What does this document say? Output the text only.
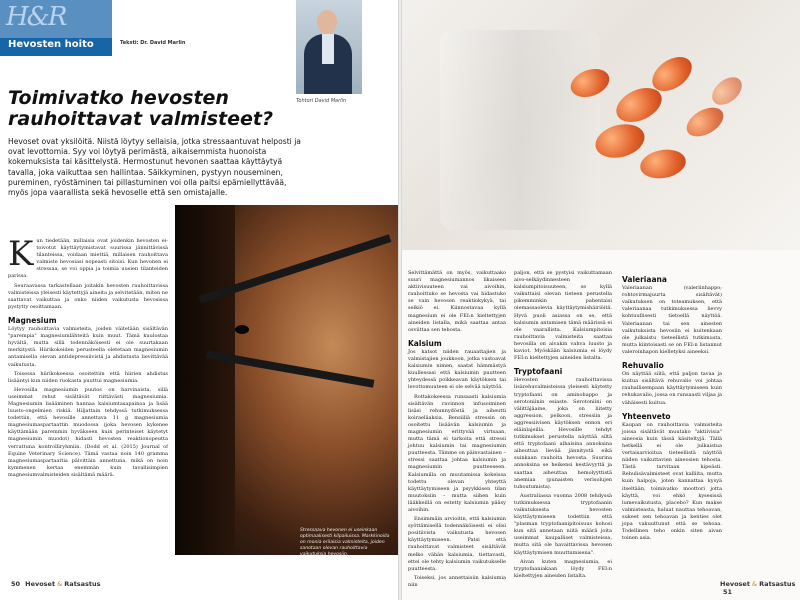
H&R
Hevosten hoito	Teksti: Dr. David Marlin
Tohtori David Marlin
Toimivatko hevosten rauhoittavat valmisteet?
Hevoset ovat yksilöitä. Niistä löytyy sellaisia, jotka stressaantuvat helposti ja ovat levottomia. Syy voi löytyä perimästä, aikaisemmista huonoista kokemuksista tai käsittelystä. Hermostunut hevonen saattaa käyttäytyä tavalla, joka vaikuttaa sen hallintaa. Säikkyminen, pystyyn nouseminen, pureminen, ryöstäminen tai pillastuminen voi olla paitsi epämiellyttävää, myös jopa vaarallista sekä hevoselle että sen omistajalle.
Stressaava hevonen ei useinkaan optimaalisesti kilpailuissa. Markkinoilla on monia erilaisia valmisteita, joiden sanotaan olevan rauhoittavia vaikutuksia hevosiin.
K un tiedetään, millaisia ovat joidenkin hevosten ei-toivotut käyttäytymistavat suurissa jännittävissä tilanteissa, voidaan miettiä, millaisen rauhoittava valmiste hevosiasi nopeasti sitoisi. Kun hevonen ei stressaa, se voi oppia ja toimia uusien tilanteiden parissa.

Seuraavassa tarkastellaan joitakin hevosten rauhoittavissa valmisteissa yleisesti käytettyjä aineita ja selvitetään, miten ne saattavat vaikuttaa ja onko niiden vaikutusta hevosissa pystytty osoittamaan.

Magnesium

Löytyy rauhoittavia valmisteita, joiden väitetään sisältävän "parempia" magnesiumlähteitä kuin muut. Tämä kuulostaa hyvältä, mutta sillä todennäköisesti ei ole suurtakaan merkitystä. Hiirikokeiden perusteella oletetaan magnesiumin antamisella olevan antidepressiivistä ja ahdistusta lievittävää vaikutusta.

Toisessa hiirikokeessa osoitettiin että hiirien ahdistus lisääntyi kun niiden ruokasta puuttui magnesiumia.

Hevosilla magnesiumin puutos on harvinaista, sillä useimmat rehut sisältävät riittävästi magnesiumia. Magnesiumin lisääminen hannaa kalsiumtasapainoa ja lisää luusto-ongelmien riskiä. Hiljattain tehdyssä tutkimuksessa todettiin, että hevosille annettava 11 g magnesiumia magnesiumaspartaattin muodossa (joka hevosen kykenee käyttämään paremmin hyväkseen kuin perinteiset käytetyt magnesiumin muodot) hidasti hevosten reaktionopeutta verrattuna kontrolliryhmiin. (Dodd et al. (2015) Journal of Equine Veterinary Science). Tämä vastaa noin 140 gramma magnesiumaspartaattia päivittäin annettuna, mikä on noin kymmenen kertaa enemmän kuin tavallisimpien magnesiumvalmisteiden sisältämä määrä.

50 Hevoset & Ratsastus

Selvittämättä on myös, vaikuttaako suuri magnesiumannos likaiseen aktiivisuuteen vai aivoihin, rauhoittuko se hevosta vai hidastuko se vain hevosen reaktiokykyä, tai selkiö ei. Kiinnostavaa kyllä magnesium ei ole FEI:n kieltettyjen aineiden listalla, mikä saattaa antaa osviittaa sen tehosta.

Kalsium

Jos katsot niiden rauaattajien ja valmistajien joukkoon, jotka vastoavat kalsiumin nimen, saatat hämmästyä kuullessasi että kalsiumin puutteen yhteydessä poikkeavan käytöksen tai levottomuuteen ei ole selvää näyttöä.

Rottakokeessa runsaasti kalsiumia sisältävän ravinnon infusoiminen lisäsi rehunnydöstä ja aiheutti koiraeläaksia. Bensiiliä stressin on osoitettu lisäävän kalsiumin ja magnesiumin erittyvää virtsaan, mutta tämä ei tarkoita että stressi johtuu kalsiumin tai magnesiumin puutteesta. Tämme on päinvastainen – stressi saattaa johtaa kalsiumin ja magnesiumin puutteeseen. Kalsiumilla on muutamissa kokeissa todettu olevan yhteyttä käyttäytymiseen ja psyykkisen tilan muutoksiin – mutta siihen kuin lääkkeillä on estetty kalsiumin pääsy aivoihin.

Ensimmäin arvioitin, että kalsiumin syöttämisellä todennäköisesti ei olisi positiivista vaikutusta hevosen käyttäytymiseen. Patsi että rauhoittavat valmisteet sisältävät melko vähän kalsiumia, tiettavasti, ettei ole tehty kalsiumin vaikutukselle puutteesta.

Toiseksi, jos annettaisiin kalsiumia niin

paljon, että se pystyisi vaikuttamaan aivo-selkäydinnesteen kalsiumpitoisuuteen, se kyllä vaikuttaisi olevan tieteen perustella pikemminkin pahentaisi olemassaolevia käyttäytymishäiriöitä. Hyvä puoli asiassa on se, että kalsiumin antamisen tämä määrissä ei ole vaarallista. Kalsiumpitoisia rauhoittavia valmisteita saattaa hevosilla on aivakin vahva luusto ja kaviot. Myöskään kalsiumia ei löydy FEI:n kieltettyjen aineiden listalta.

Tryptofaani

Hevosten rauhoittavissa lisärehuvalmisteissa yleisesti käytetty tryptofaani on aminohappo ja serotoniinin esiaste. Serotoniini on välittäjäaine, joka on liitetty aggression, pelkoon, stressiin ja aggressiivisen käytöksen ennon eri eläinlajeilla. Hevosille tehdyt tutkimukset perustella näyttää siltä että tryptofaani alhaisina annoksina aiheuttaa lievää jännitystä eikä suinkaan rauhoita hevosta. Suurina annoksina se heikensi kestävyyttä ja saattaa aiheuttaa hemolyyttistä anemiaa (punaisten verisolujen tuhoutumista).

Australiassa vuonna 2008 tehdyssä tutkimuksessa tryptofaanin vaikutuksesta hevosten käyttäytymiseen todettiin että "plasman tryptofaanipitoisuus kohosi kun sitä annetaan niitä määrä joita useimmat kaupalliset valmisteissa, mutta sitä ole havaittavissa hevosen käyttäytymisen muuttumisena".

Aivan kuten magnesiumia, ei tryptofaaniakaan löydy FEI:n kieltettyjen aineiden listalta.

Valeriaana

Valeriaanan (valeriinhappo; rohtovirmajuurta sisältävät) vaikutuksen on toteamuksen, että valeriaanaa tutkimuksessa lievvy kohtuullisesti tietoellä näyttöä. Valeriaanan tai sen ainesten vaikutuksista hevosiin ei kuitenkaan ole julkaistu tieteellistä tutkimusta, mutta kiintoisasti se on FEI:n listannut valeroinhapon kielletyksi aineeksi.

Rehuvalio

On näyttää siitä, että paljon tavaa ja kuitua sisältävä rehuvalio voi johtaa rauhallisempaan käyttäytymiseen kuin rehukavalio, jossa on runsaasti viljaa ja vähäisesti kuitua.

Yhteenveto

Kaupan on rauhoittavia valmisteita joissa sisältävät muutako "aktiivisia" aineosia kuin tässä käsiteltyjä. Tällä hetkellä ei ole julkaistua vertaisarvioitua tieteellistä näyttöä niiden vaikuttavien aineosien tehosta. Tästä tarvitaan kipeästi. Rehulisävalmisteet ovat kalliita, mutta kuin halpoja, joten kannattaa kysyä itseltään, toimivatko moottori jotta käyttä, voi ehkö kysesissä lumevaikutusta, placebo? Kun makse valmisteasta, haluat nauttaa tehoavan, sukeet sen tehoavan ja kenties olet jopa vakuuttunut että se tehoaa. Todellinen teho onkin siten aivan toinen asia.

Hevoset & Ratsastus 51
